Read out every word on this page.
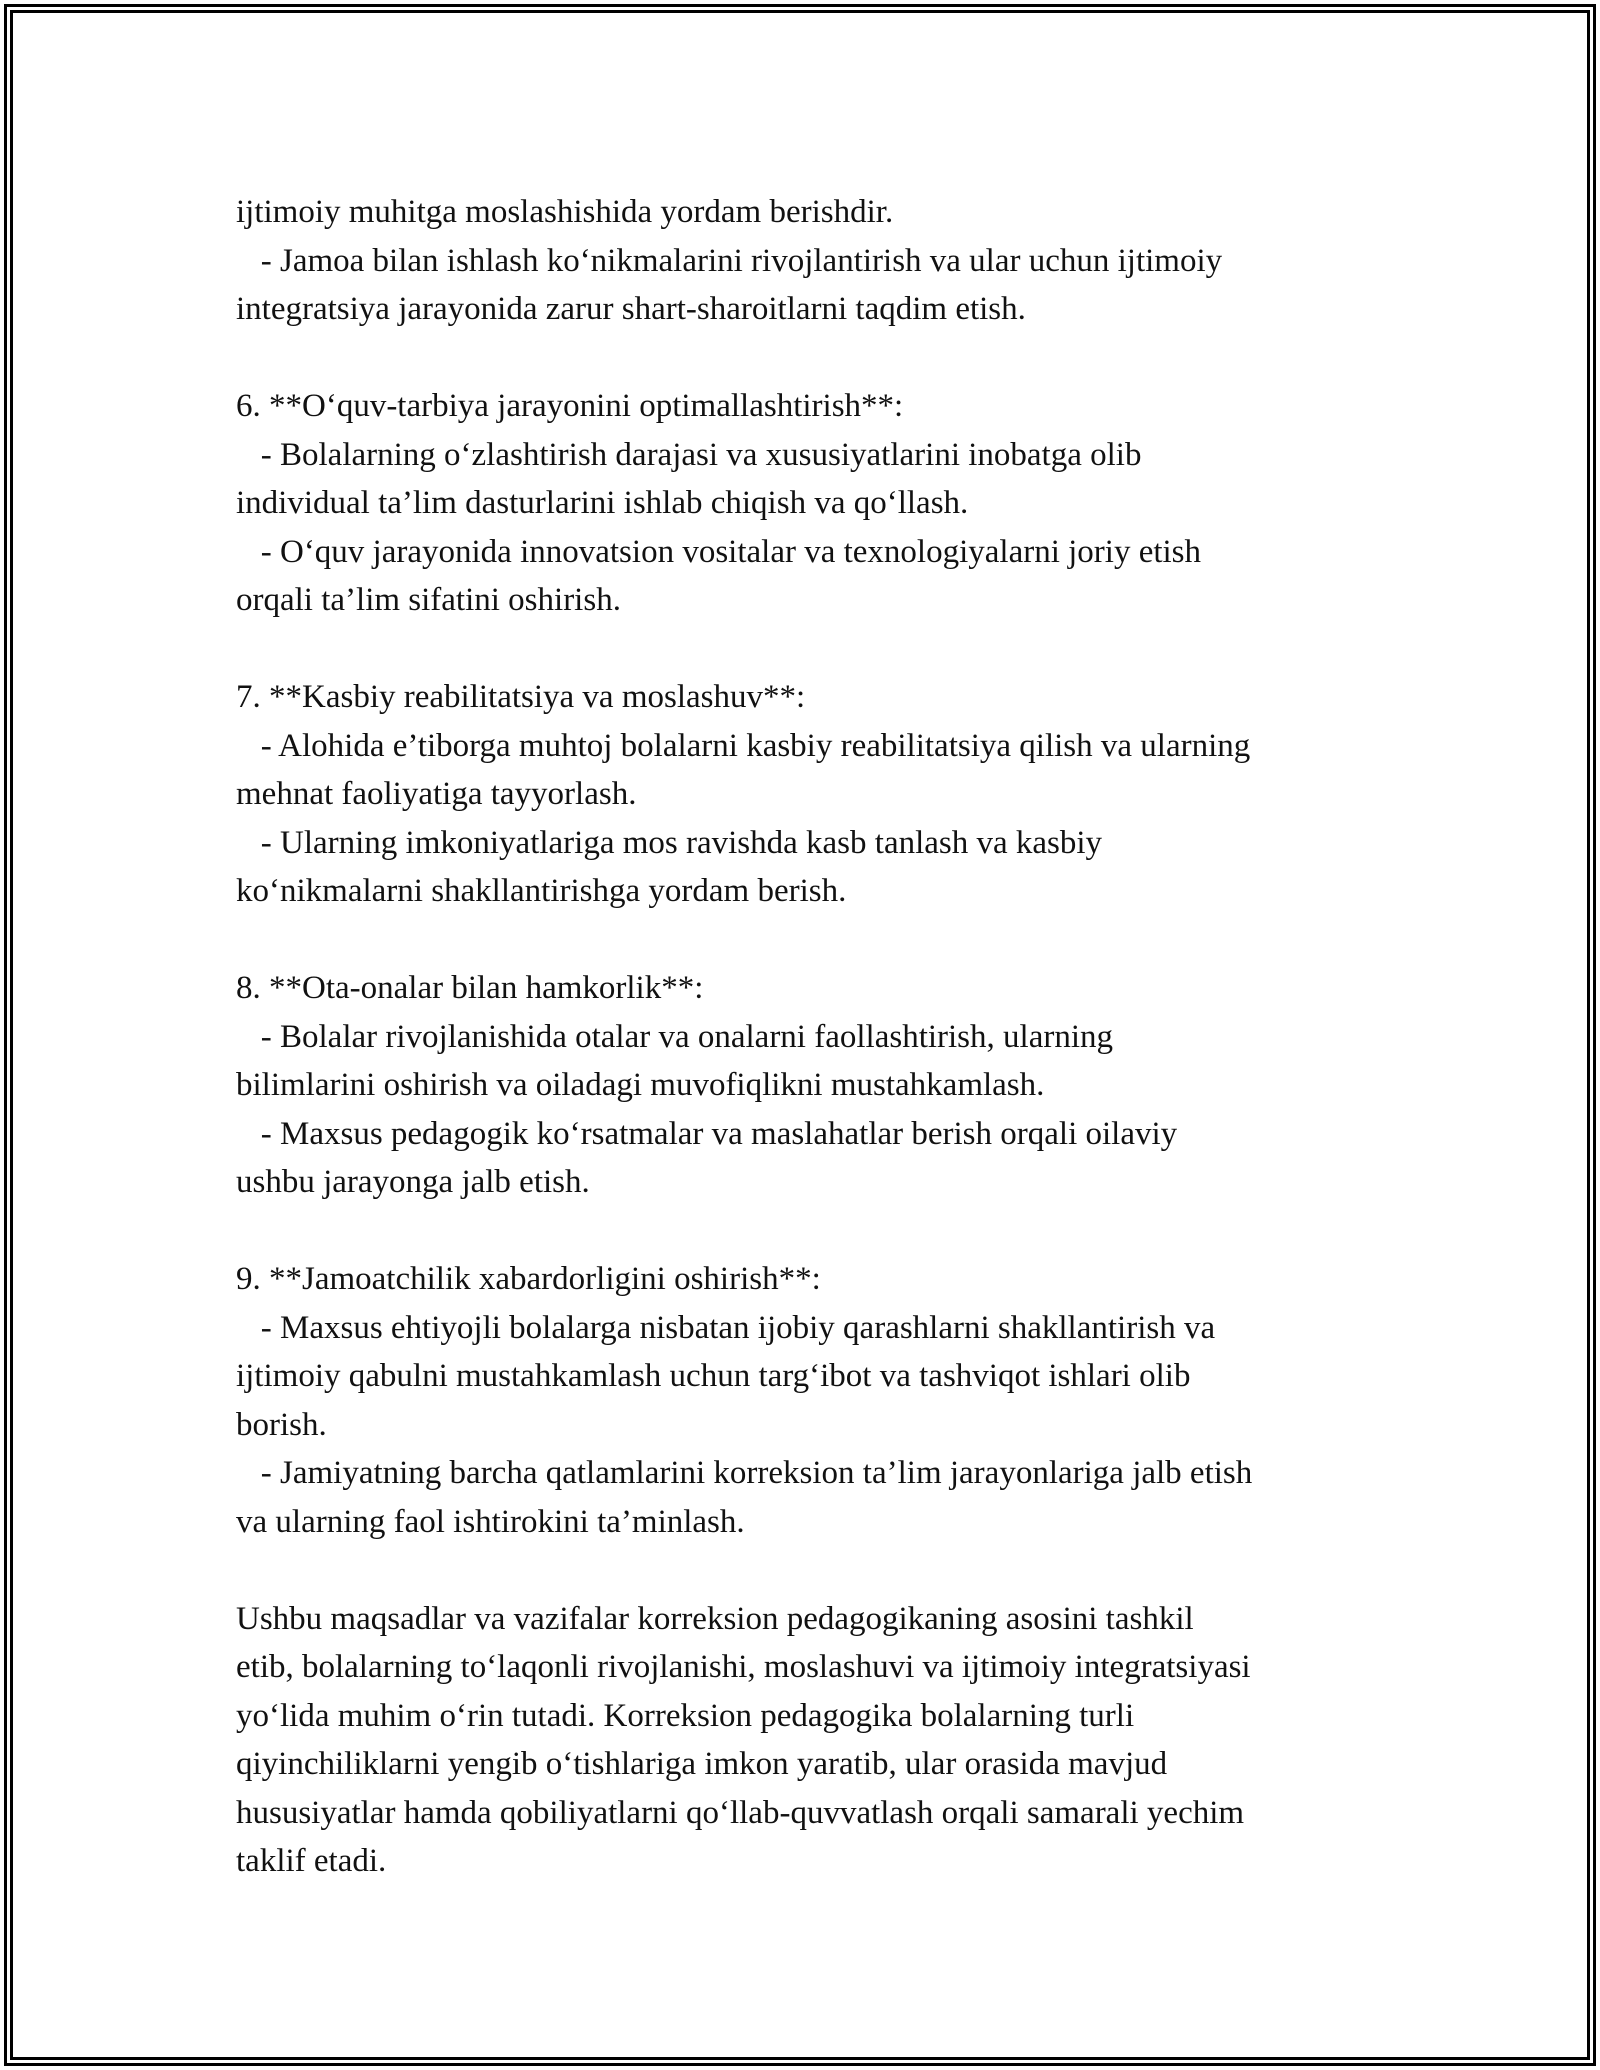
ijtimoiy muhitga moslashishida yordam berishdir.
- Jamoa bilan ishlash ko‘nikmalarini rivojlantirish va ular uchun ijtimoiy
integratsiya jarayonida zarur shart-sharoitlarni taqdim etish.
6. **O‘quv-tarbiya jarayonini optimallashtirish**:
- Bolalarning o‘zlashtirish darajasi va xususiyatlarini inobatga olib
individual ta’lim dasturlarini ishlab chiqish va qo‘llash.
- O‘quv jarayonida innovatsion vositalar va texnologiyalarni joriy etish
orqali ta’lim sifatini oshirish.
7. **Kasbiy reabilitatsiya va moslashuv**:
- Alohida e’tiborga muhtoj bolalarni kasbiy reabilitatsiya qilish va ularning
mehnat faoliyatiga tayyorlash.
- Ularning imkoniyatlariga mos ravishda kasb tanlash va kasbiy
ko‘nikmalarni shakllantirishga yordam berish.
8. **Ota-onalar bilan hamkorlik**:
- Bolalar rivojlanishida otalar va onalarni faollashtirish, ularning
bilimlarini oshirish va oiladagi muvofiqlikni mustahkamlash.
- Maxsus pedagogik ko‘rsatmalar va maslahatlar berish orqali oilaviy
ushbu jarayonga jalb etish.
9. **Jamoatchilik xabardorligini oshirish**:
- Maxsus ehtiyojli bolalarga nisbatan ijobiy qarashlarni shakllantirish va
ijtimoiy qabulni mustahkamlash uchun targ‘ibot va tashviqot ishlari olib
borish.
- Jamiyatning barcha qatlamlarini korreksion ta’lim jarayonlariga jalb etish
va ularning faol ishtirokini ta’minlash.
Ushbu maqsadlar va vazifalar korreksion pedagogikaning asosini tashkil
etib, bolalarning to‘laqonli rivojlanishi, moslashuvi va ijtimoiy integratsiyasi
yo‘lida muhim o‘rin tutadi. Korreksion pedagogika bolalarning turli
qiyinchiliklarni yengib o‘tishlariga imkon yaratib, ular orasida mavjud
hususiyatlar hamda qobiliyatlarni qo‘llab-quvvatlash orqali samarali yechim
taklif etadi.
